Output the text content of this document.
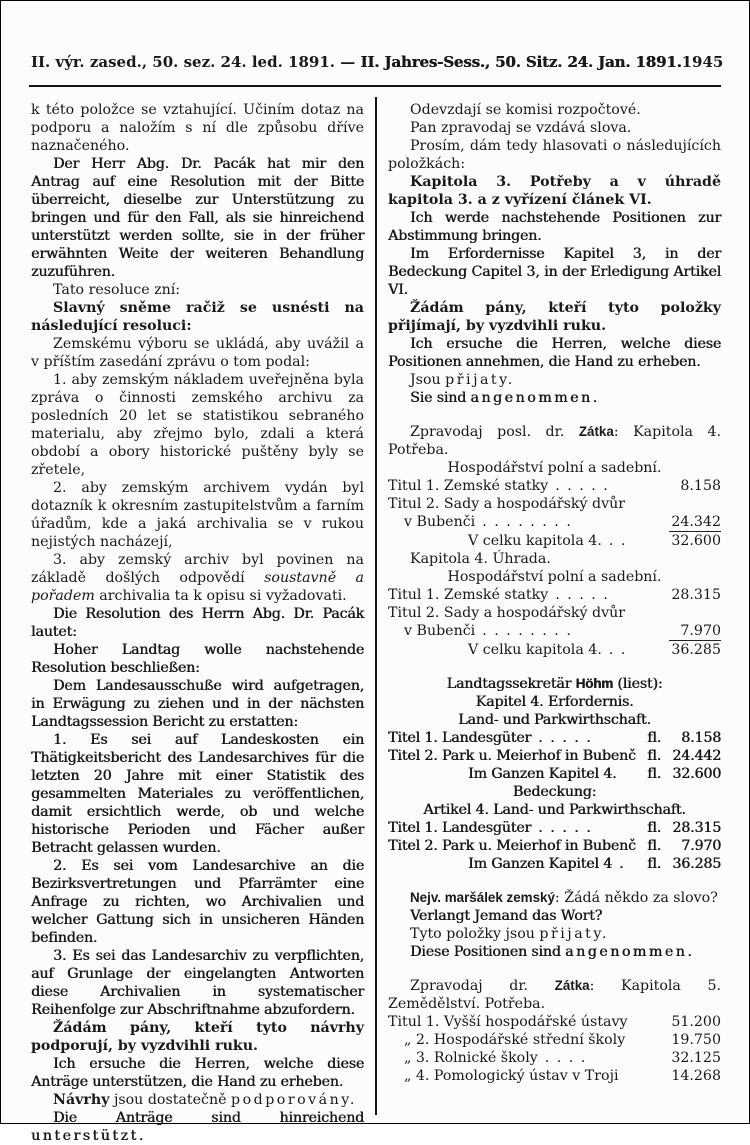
II. výr. zased., 50. sez. 24. led. 1891. — II. Jahres-Sess., 50. Sitz. 24. Jan. 1891. 1945

k této položce se vztahující. Učiním dotaz na podporu a naložím s ní dle způsobu dříve naznačeného.

Der Herr Abg. Dr. Pacák hat mir den Antrag auf eine Resolution mit der Bitte überreicht, dieselbe zur Unterstützung zu bringen und für den Fall, als sie hinreichend unterstützt werden sollte, sie in der früher erwähnten Weite der weiteren Behandlung zuzuführen.

Tato resoluce zní:

Slavný sněme račiž se usnésti na následující resoluci:

Zemskému výboru se ukládá, aby uvážil a v příštím zasedání zprávu o tom podal:

1. aby zemským nákladem uveřejněna byla zpráva o činnosti zemského archivu za posledních 20 let se statistikou sebraného materialu, aby zřejmo bylo, zdali a která období a obory historické puštěny byly se zřetele,

2. aby zemským archivem vydán byl dotazník k okresním zastupitelstvům a farním úřadům, kde a jaká archivalia se v rukou nejistých nacházejí,

3. aby zemský archiv byl povinen na základě došlých odpovědí soustavně a pořadem archivalia ta k opisu si vyžadovati.

Die Resolution des Herrn Abg. Dr. Pacák lautet:

Hoher Landtag wolle nachstehende Resolution beschließen:

Dem Landesausschuße wird aufgetragen, in Erwägung zu ziehen und in der nächsten Landtagssession Bericht zu erstatten:

1. Es sei auf Landeskosten ein Thätigkeitsbericht des Landesarchives für die letzten 20 Jahre mit einer Statistik des gesammelten Materiales zu veröffentlichen, damit ersichtlich werde, ob und welche historische Perioden und Fächer außer Betracht gelassen wurden.

2. Es sei vom Landesarchive an die Bezirksvertretungen und Pfarrämter eine Anfrage zu richten, wo Archivalien und welcher Gattung sich in unsicheren Händen befinden.

3. Es sei das Landesarchiv zu verpflichten, auf Grunlage der eingelangten Antworten diese Archivalien in systematischer Reihenfolge zur Abschriftnahme abzufordern.

Žádám pány, kteří tyto návrhy podporují, by vyzdvihli ruku.

Ich ersuche die Herren, welche diese Anträge unterstützen, die Hand zu erheben.

Návrhy jsou dostatečně podporovány.

Die Anträge sind hinreichend unterstützt.

Odevzdají se komisi rozpočtové.

Pan zpravodaj se vzdává slova.

Prosím, dám tedy hlasovati o následujících položkách:

Kapitola 3. Potřeby a v úhradě kapitola 3. a z vyřízení článek VI.

Ich werde nachstehende Positionen zur Abstimmung bringen.

Im Erfordernisse Kapitel 3, in der Bedeckung Capitel 3, in der Erledigung Artikel VI.

Žádám pány, kteří tyto položky přijímají, by vyzdvihli ruku.

Ich ersuche die Herren, welche diese Positionen annehmen, die Hand zu erheben.

Jsou přijaty.

Sie sind angenommen.

Zpravodaj posl. dr. Zátka: Kapitola 4. Potřeba.

Hospodářství polní a sadební.

Titul 1. Zemské statky . . . . .	8.158
Titul 2. Sady a hospodářský dvůr
v Bubenči . . . . . . . .	24.342
V celku kapitola 4. . .	32.600

Kapitola 4. Úhrada.

Hospodářství polní a sadební.

Titul 1. Zemské statky . . . . .	28.315
Titul 2. Sady a hospodářský dvůr
v Bubenči . . . . . . . .	7.970
V celku kapitola 4. . .	36.285

Landtagssekretär Höhm (liest):

Kapitel 4. Erfordernis.

Land- und Parkwirthschaft.

Titel 1. Landesgüter . . . . .	fl.	8.158
Titel 2. Park u. Meierhof in Bubenč fl. 24.442
Im Ganzen Kapitel 4. fl. 32.600

Bedeckung:

Artikel 4. Land- und Parkwirthschaft.

Titel 1. Landesgüter . . . . .	fl. 28.315
Titel 2. Park u. Meierhof in Bubenč fl.	7.970
Im Ganzen Kapitel 4 . fl. 36.285

Nejv. maršálek zemský: Žádá někdo za slovo?

Verlangt Jemand das Wort?

Tyto položky jsou přijaty.

Diese Positionen sind angenommen.

Zpravodaj dr. Zátka: Kapitola 5. Zemědělství. Potřeba.

Titul 1. Vyšší hospodářské ústavy	51.200
„ 2. Hospodářské střední školy	19.750
„ 3. Rolnické školy . . . .	32.125
„ 4. Pomologický ústav v Troji	14.268
